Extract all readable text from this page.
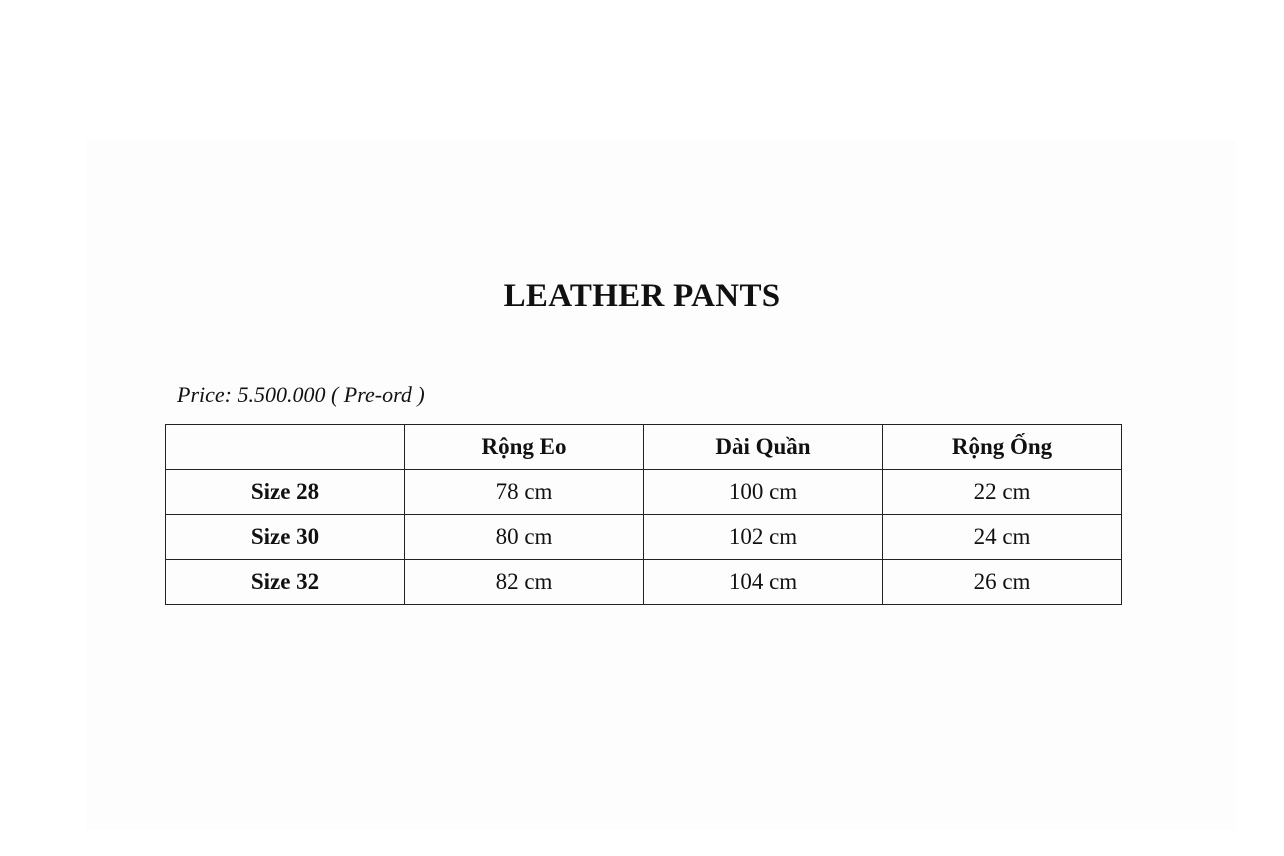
LEATHER PANTS

Price: 5.500.000 ( Pre-ord )

	Rộng Eo	Dài Quần	Rộng Ống
Size 28	78 cm	100 cm	22 cm
Size 30	80 cm	102 cm	24 cm
Size 32	82 cm	104 cm	26 cm
